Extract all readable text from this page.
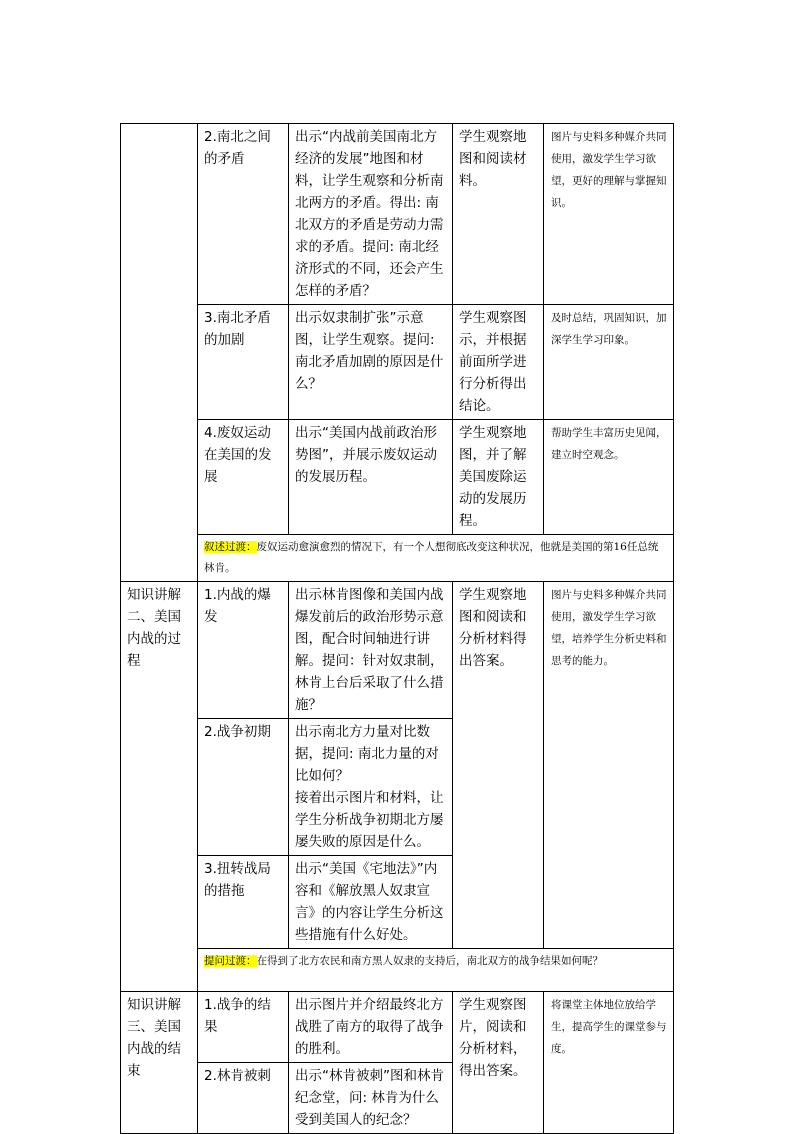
	2.南北之间的矛盾	出示“内战前美国南北方经济的发展”地图和材料，让学生观察和分析南北两方的矛盾。得出: 南北双方的矛盾是劳动力需求的矛盾。提问: 南北经济形式的不同，还会产生怎样的矛盾？	学生观察地图和阅读材料。	图片与史料多种媒介共同使用，激发学生学习欲望，更好的理解与掌握知识。
	3.南北矛盾的加剧	出示奴隶制扩张”示意图，让学生观察。提问: 南北矛盾加剧的原因是什么？	学生观察图示，并根据前面所学进行分析得出结论。	及时总结，巩固知识，加深学生学习印象。
	4.废奴运动在美国的发展	出示“美国内战前政治形势图”，并展示废奴运动的发展历程。	学生观察地图，并了解美国废除运动的发展历程。	帮助学生丰富历史见闻，建立时空观念。
	叙述过渡：废奴运动愈演愈烈的情况下，有一个人想彻底改变这种状况，他就是美国的第16任总统林肯。			
知识讲解二、美国内战的过程	1.内战的爆发	出示林肯图像和美国内战爆发前后的政治形势示意图，配合时间轴进行讲解。提问：针对奴隶制，林肯上台后采取了什么措施？	学生观察地图和阅读和分析材料得出答案。	图片与史料多种媒介共同使用，激发学生学习欲望，培养学生分析史料和思考的能力。
	2.战争初期	出示南北方力量对比数据，提问: 南北力量的对比如何？
接着出示图片和材料，让学生分析战争初期北方屡屡失败的原因是什么。		

	3.扭转战局的措拖	出示“美国《宅地法》”内容和《解放黑人奴隶宣言》的内容让学生分析这些措施有什么好处。		
	提问过渡：在得到了北方农民和南方黑人奴隶的支持后，南北双方的战争结果如何呢？			
知识讲解三、美国内战的结束	1.战争的结果	出示图片并介绍最终北方战胜了南方的取得了战争的胜利。	学生观察图片，阅读和分析材料，得出答案。	将课堂主体地位放给学生，提高学生的课堂参与度。
	2.林肯被刺	出示“林肯被刺”图和林肯纪念堂，问: 林肯为什么受到美国人的纪念？		
